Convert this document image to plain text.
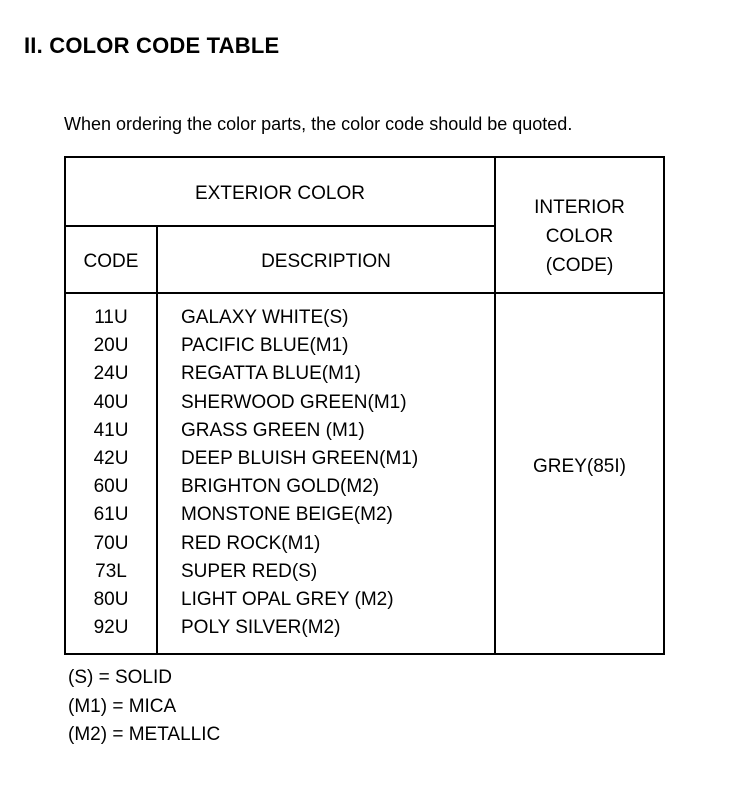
II. COLOR CODE TABLE
When ordering the color parts, the color code should be quoted.
EXTERIOR COLOR
CODE	DESCRIPTION
INTERIOR
COLOR
(CODE)
11U	GALAXY WHITE(S)
20U	PACIFIC BLUE(M1)
24U	REGATTA BLUE(M1)
40U	SHERWOOD GREEN(M1)
41U	GRASS GREEN (M1)
42U	DEEP BLUISH GREEN(M1)
60U	BRIGHTON GOLD(M2)
61U	MONSTONE BEIGE(M2)
70U	RED ROCK(M1)
73L	SUPER RED(S)
80U	LIGHT OPAL GREY (M2)
92U	POLY SILVER(M2)
GREY(85I)
(S) = SOLID
(M1) = MICA
(M2) = METALLIC
